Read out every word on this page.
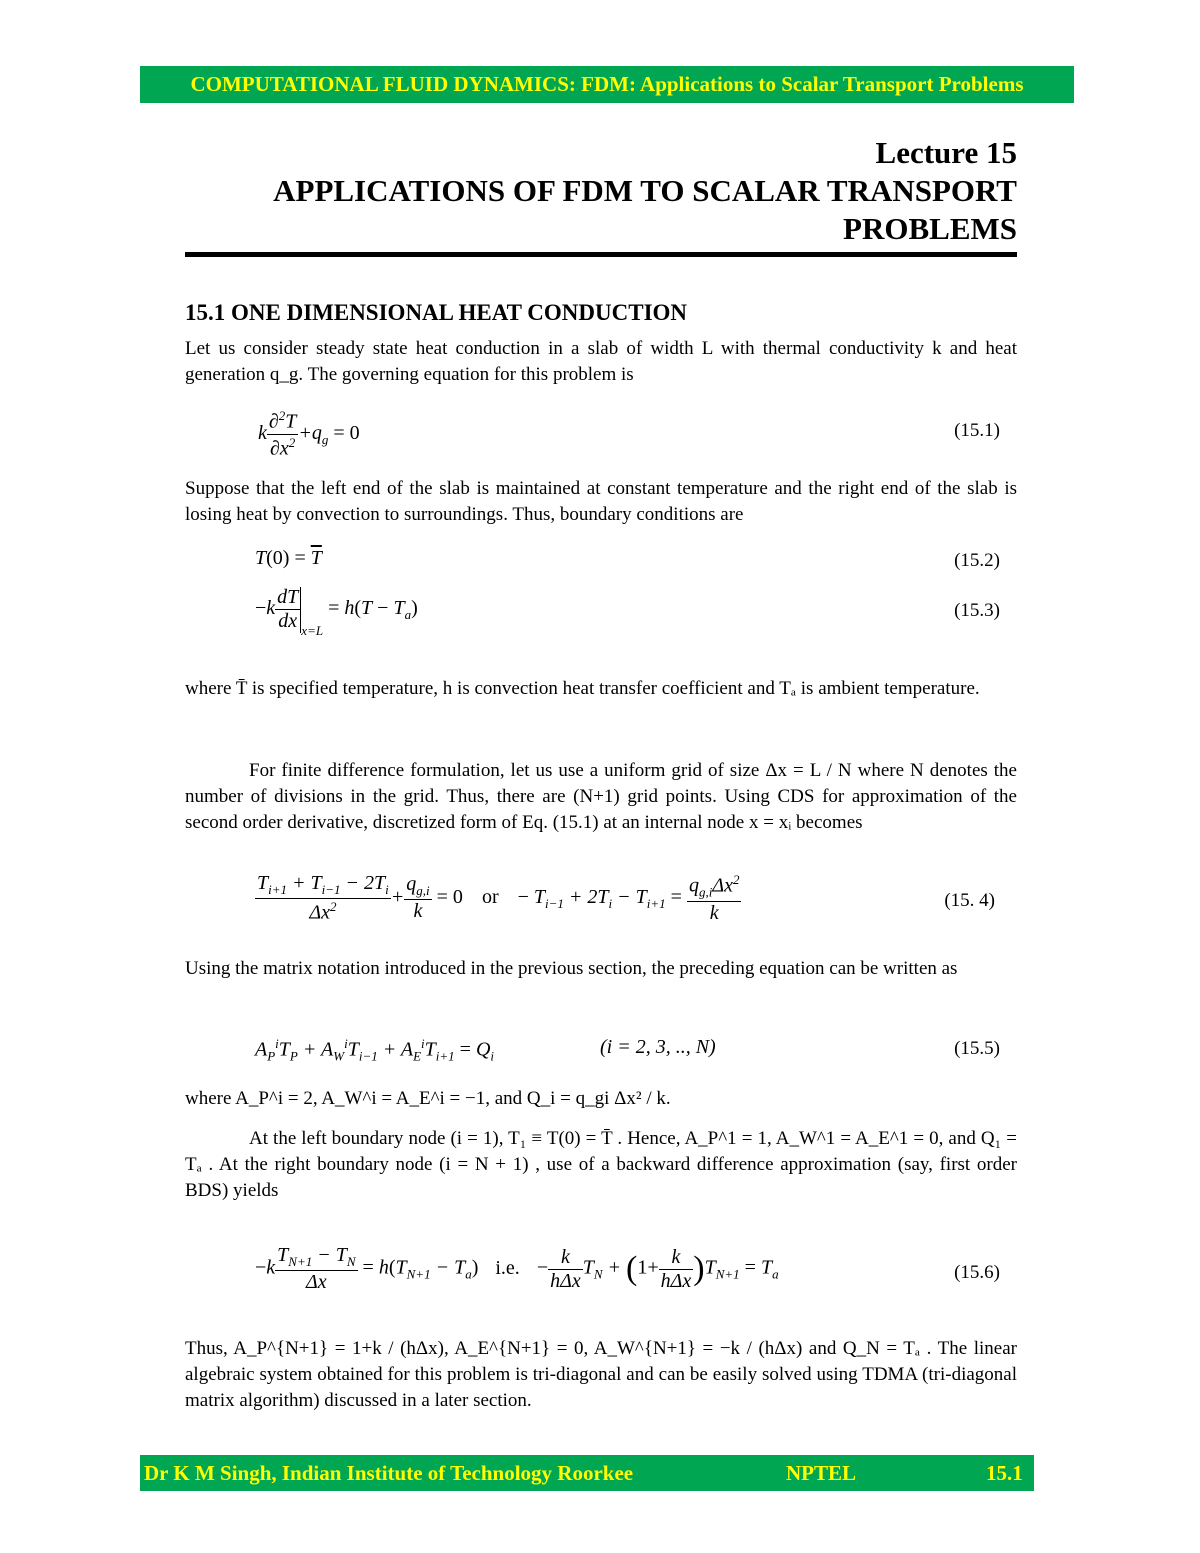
COMPUTATIONAL FLUID DYNAMICS: FDM: Applications to Scalar Transport Problems
Lecture 15
APPLICATIONS OF FDM TO SCALAR TRANSPORT
PROBLEMS
15.1 ONE DIMENSIONAL HEAT CONDUCTION
Let us consider steady state heat conduction in a slab of width L with thermal conductivity k and heat generation q_g. The governing equation for this problem is
k $\frac{\partial^2T}{\partial x^2} +q_g = 0$	(15.1)
Suppose that the left end of the slab is maintained at constant temperature and the right end of the slab is losing heat by convection to surroundings. Thus, boundary conditions are
$T(0) = \overline{T}$	(15.2)
$-k \frac{dT}{dx} _{x=L} = h(T - T_a)$	(15.3)
where T̄ is specified temperature, h is convection heat transfer coefficient and Tₐ is ambient temperature.
For finite difference formulation, let us use a uniform grid of size Δx = L / N where N denotes the number of divisions in the grid. Thus, there are (N+1) grid points. Using CDS for approximation of the second order derivative, discretized form of Eq. (15.1) at an internal node x = xᵢ becomes
$\frac{T_{i+1} + T_{i-1} - 2T_i}{\Delta x^2} + \frac{q_{g,i}}{k} = 0$ or − $T_{i-1} + 2T_i - T_{i+1} = \frac{q_{g,i}\Delta x^2}{k}$	(15. 4)
Using the matrix notation introduced in the previous section, the preceding equation can be written as
$A_P^iT_P + A_W^iT_{i-1} + A_E^iT_{i+1} = Q_i$	(i = 2, 3, .., N)	(15.5)
where A_P^i = 2, A_W^i = A_E^i = −1, and Q_i = q_gi Δx² / k.
At the left boundary node (i = 1), T₁ ≡ T(0) = T̄ . Hence, A_P^1 = 1, A_W^1 = A_E^1 = 0, and Q₁ = Tₐ . At the right boundary node (i = N + 1) , use of a backward difference approximation (say, first order BDS) yields
$-k \frac{T_{N+1} - T_N}{\Delta x} = h(T_{N+1} - T_a) i.e$. − $\frac{k}{\text{hΔx}} T_N + (1+ \frac{k}{\text{hΔx}} )T_{N+1} = T_a$	(15.6)
Thus, A_P^{N+1} = 1+k / (hΔx), A_E^{N+1} = 0, A_W^{N+1} = −k / (hΔx) and Q_N = Tₐ . The linear algebraic system obtained for this problem is tri-diagonal and can be easily solved using TDMA (tri-diagonal matrix algorithm) discussed in a later section.
Dr K M Singh, Indian Institute of Technology Roorkee	NPTEL	15.1
